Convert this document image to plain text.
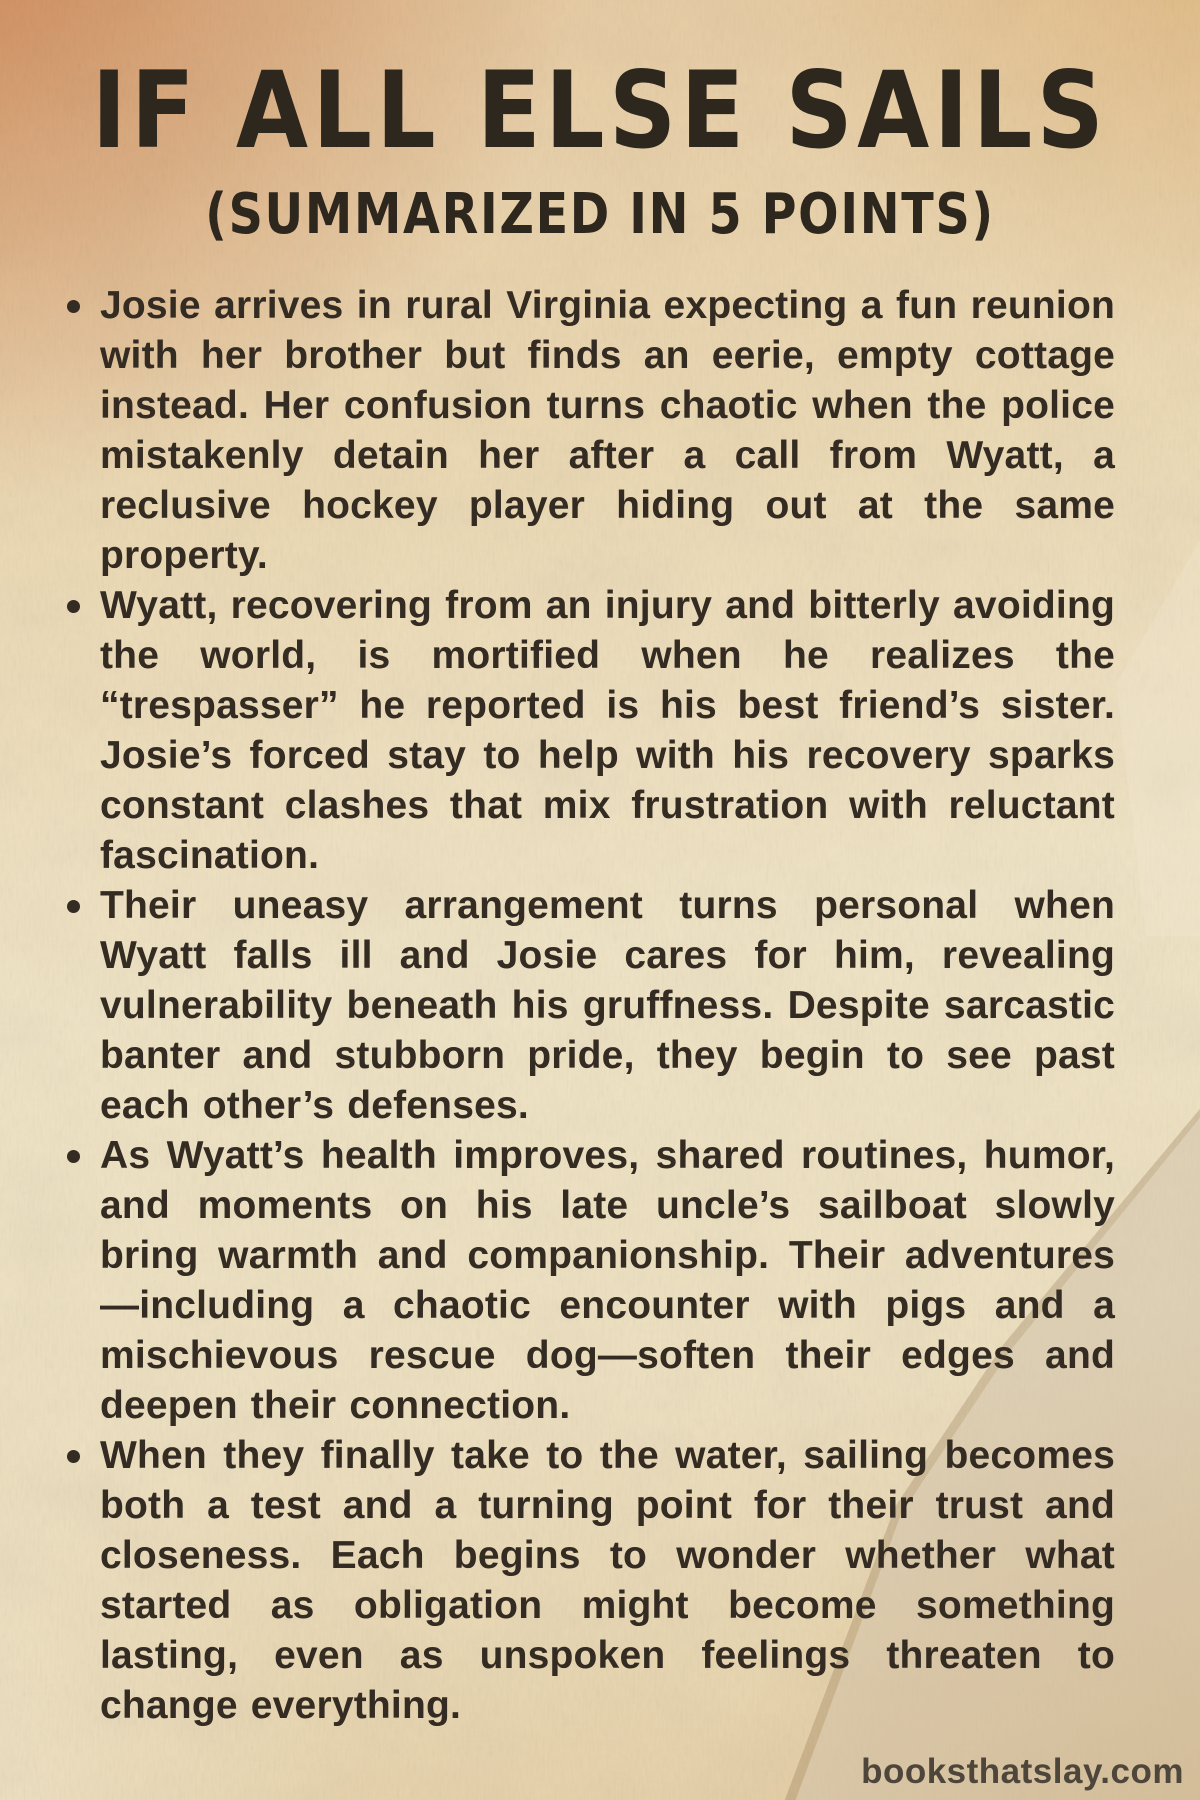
IF ALL ELSE SAILS
(SUMMARIZED IN 5 POINTS)
Josie arrives in rural Virginia expecting a fun reunion with her brother but finds an eerie, empty cottage instead. Her confusion turns chaotic when the police mistakenly detain her after a call from Wyatt, a reclusive hockey player hiding out at the same property.
Wyatt, recovering from an injury and bitterly avoiding the world, is mortified when he realizes the “trespasser” he reported is his best friend’s sister. Josie’s forced stay to help with his recovery sparks constant clashes that mix frustration with reluctant fascination.
Their uneasy arrangement turns personal when Wyatt falls ill and Josie cares for him, revealing vulnerability beneath his gruffness. Despite sarcastic banter and stubborn pride, they begin to see past each other’s defenses.
As Wyatt’s health improves, shared routines, humor, and moments on his late uncle’s sailboat slowly bring warmth and companionship. Their adventures —including a chaotic encounter with pigs and a mischievous rescue dog—soften their edges and deepen their connection.
When they finally take to the water, sailing becomes both a test and a turning point for their trust and closeness. Each begins to wonder whether what started as obligation might become something lasting, even as unspoken feelings threaten to change everything.
booksthatslay.com
